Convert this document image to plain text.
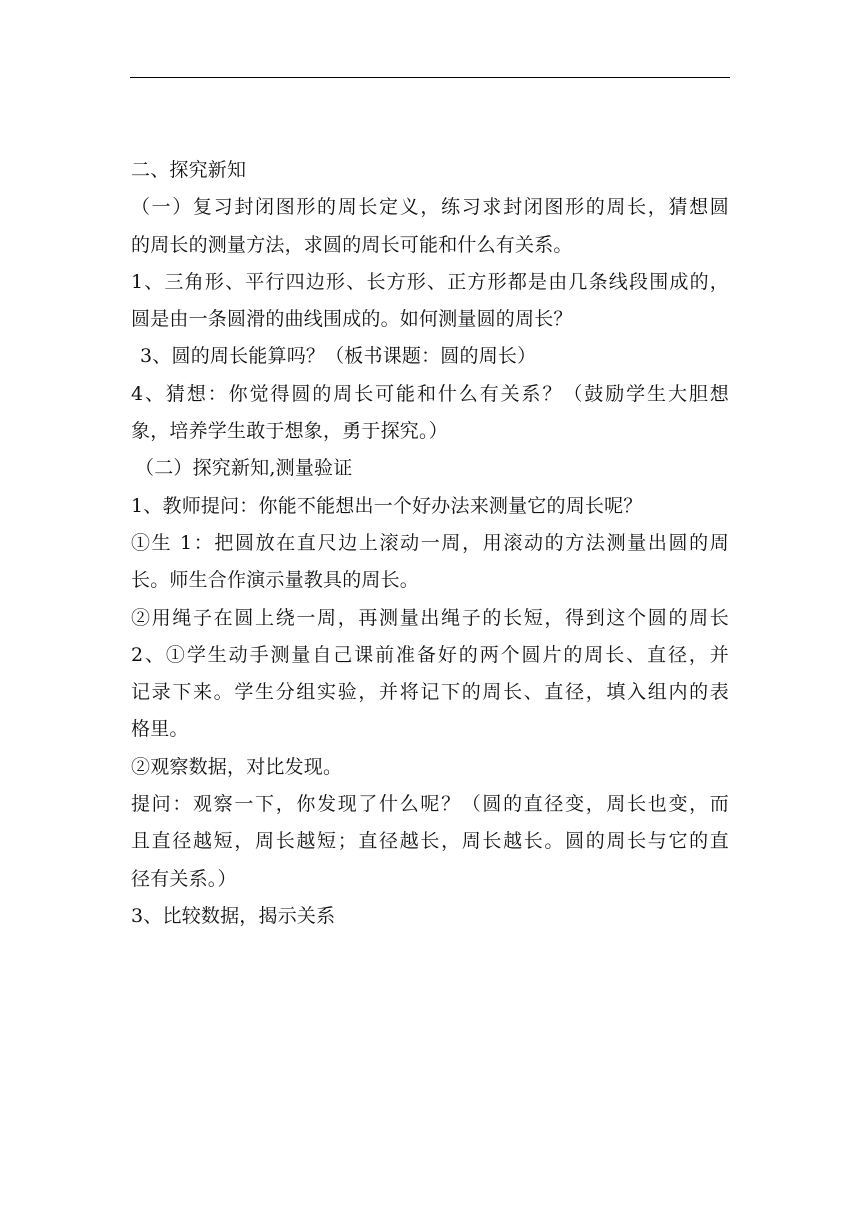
二、探究新知
（一）复习封闭图形的周长定义，练习求封闭图形的周长，猜想圆
的周长的测量方法，求圆的周长可能和什么有关系。
1、三角形、平行四边形、长方形、正方形都是由几条线段围成的，
圆是由一条圆滑的曲线围成的。如何测量圆的周长？
3、圆的周长能算吗？（板书课题：圆的周长）
4、猜想：你觉得圆的周长可能和什么有关系？（鼓励学生大胆想
象，培养学生敢于想象，勇于探究。）
（二）探究新知,测量验证
1、教师提问：你能不能想出一个好办法来测量它的周长呢？
①生 1：把圆放在直尺边上滚动一周，用滚动的方法测量出圆的周
长。师生合作演示量教具的周长。
②用绳子在圆上绕一周，再测量出绳子的长短，得到这个圆的周长
2、①学生动手测量自己课前准备好的两个圆片的周长、直径，并
记录下来。学生分组实验，并将记下的周长、直径，填入组内的表
格里。
②观察数据，对比发现。
提问：观察一下，你发现了什么呢？（圆的直径变，周长也变，而
且直径越短，周长越短；直径越长，周长越长。圆的周长与它的直
径有关系。）
3、比较数据，揭示关系
